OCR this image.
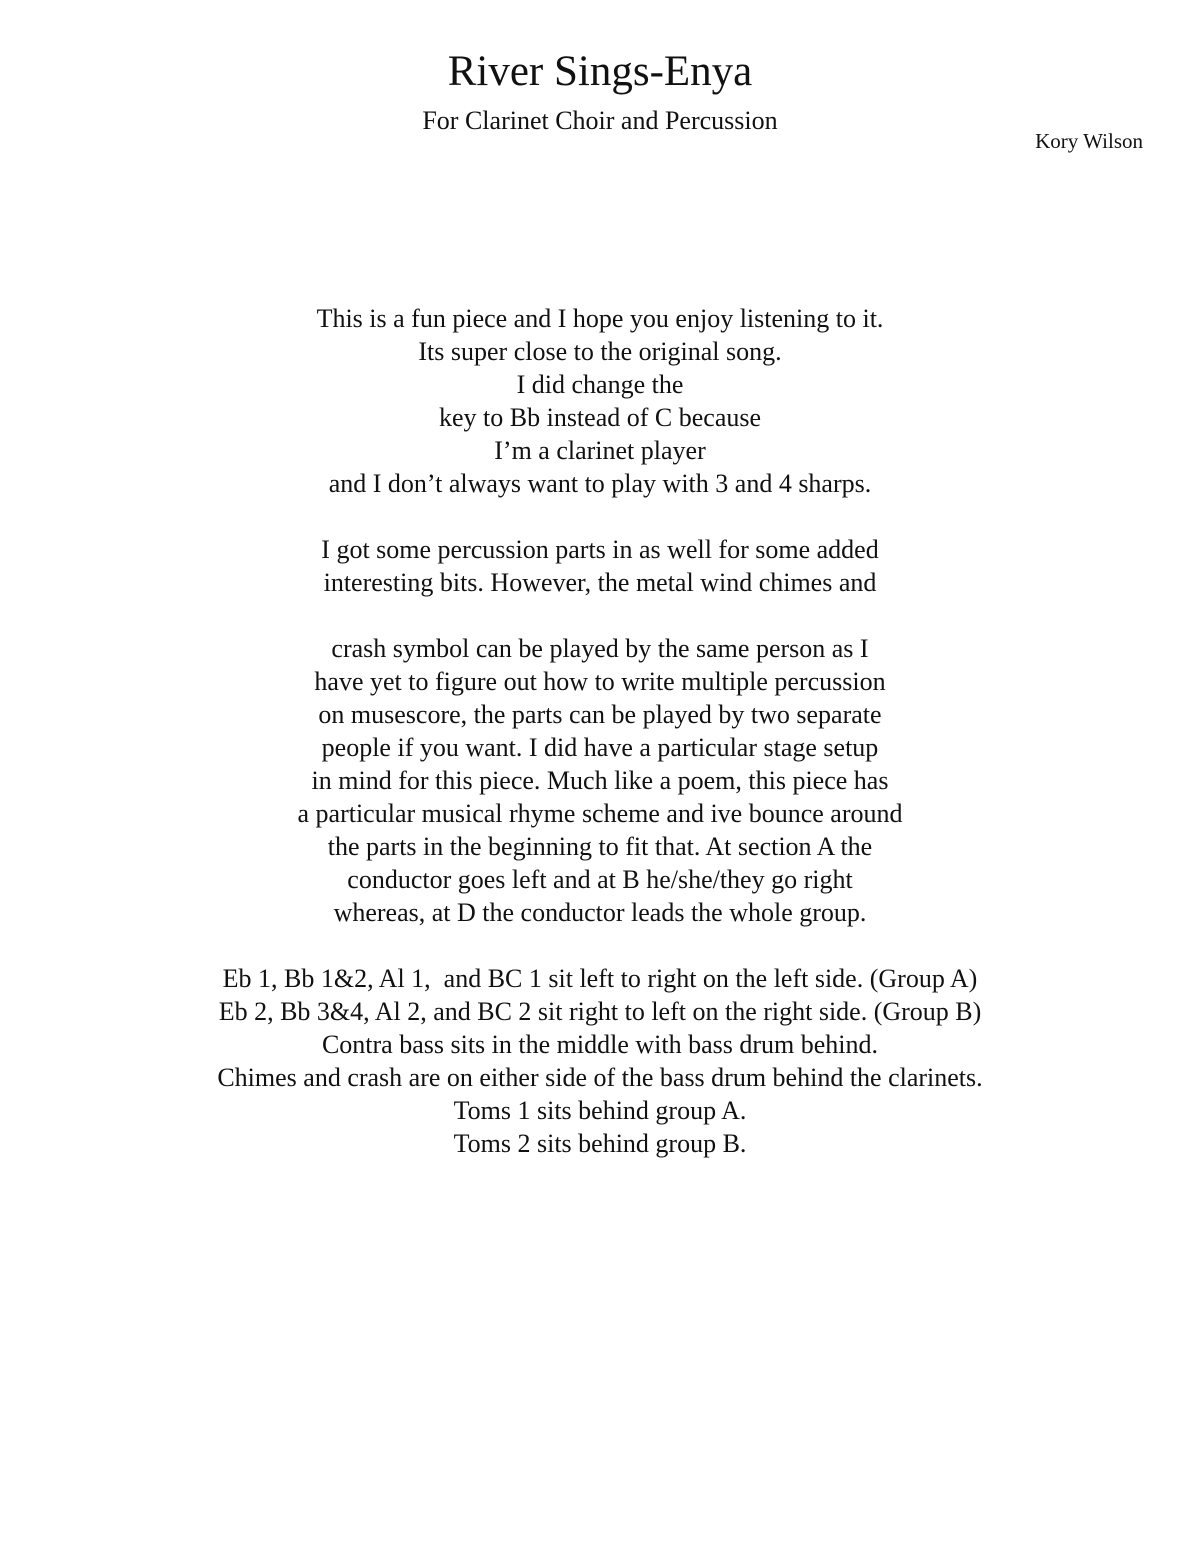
River Sings-Enya
For Clarinet Choir and Percussion
Kory Wilson
This is a fun piece and I hope you enjoy listening to it.
Its super close to the original song.
I did change the
key to Bb instead of C because
I’m a clarinet player
and I don’t always want to play with 3 and 4 sharps.
I got some percussion parts in as well for some added
interesting bits. However, the metal wind chimes and
crash symbol can be played by the same person as I
have yet to figure out how to write multiple percussion
on musescore, the parts can be played by two separate
people if you want. I did have a particular stage setup
in mind for this piece. Much like a poem, this piece has
a particular musical rhyme scheme and ive bounce around
the parts in the beginning to fit that. At section A the
conductor goes left and at B he/she/they go right
whereas, at D the conductor leads the whole group.
Eb 1, Bb 1&2, Al 1,  and BC 1 sit left to right on the left side. (Group A)
Eb 2, Bb 3&4, Al 2, and BC 2 sit right to left on the right side. (Group B)
Contra bass sits in the middle with bass drum behind.
Chimes and crash are on either side of the bass drum behind the clarinets.
Toms 1 sits behind group A.
Toms 2 sits behind group B.
